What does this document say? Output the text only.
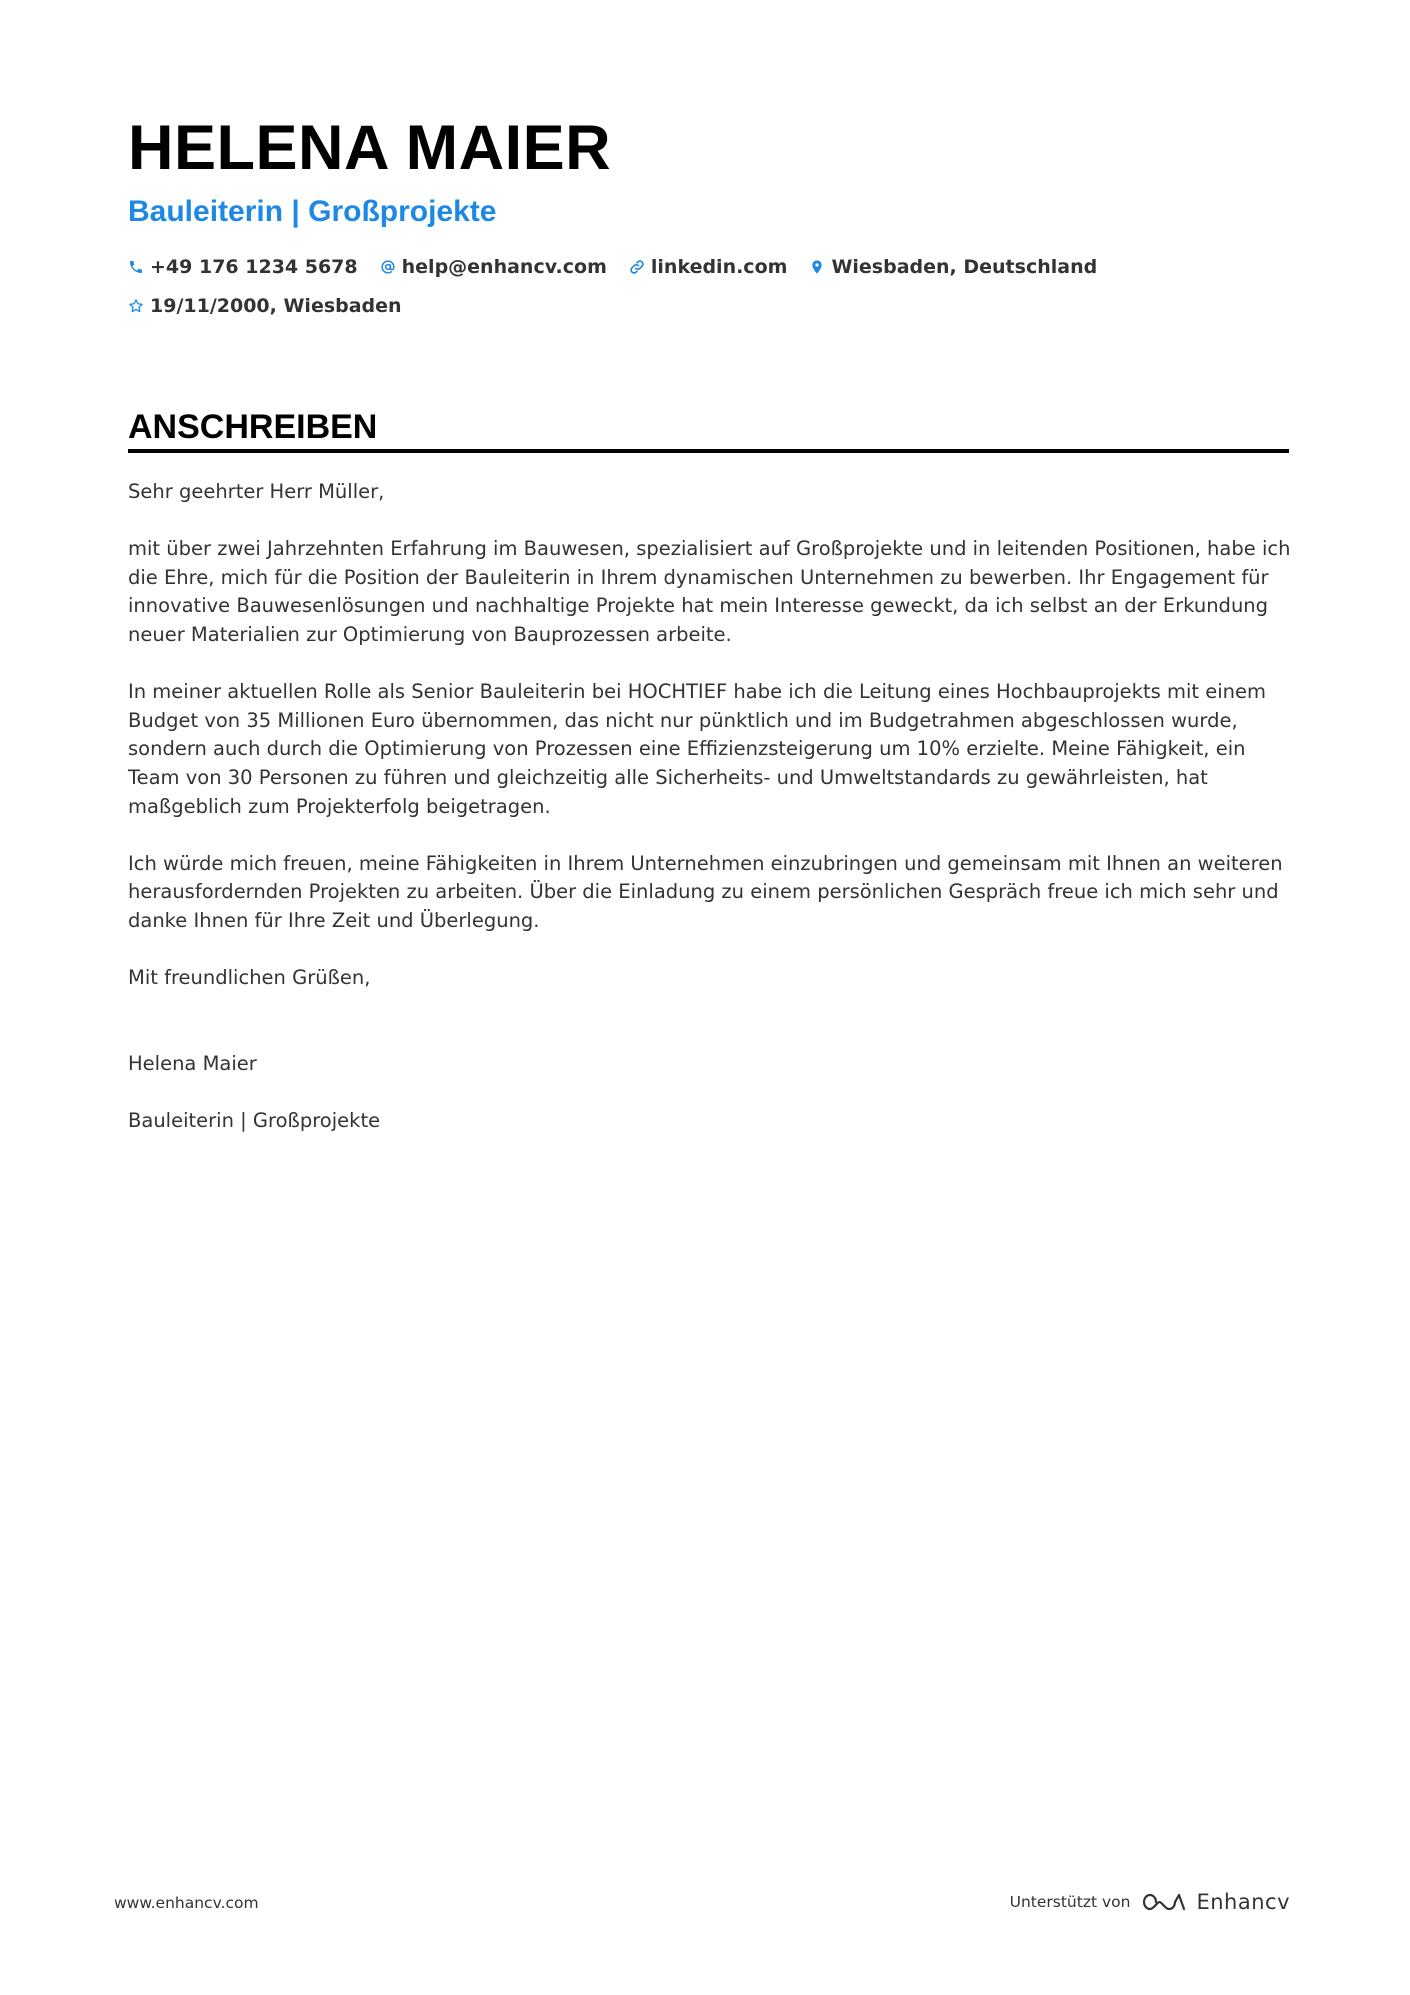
HELENA MAIER
Bauleiterin | Großprojekte
+49 176 1234 5678 help@enhancv.com linkedin.com Wiesbaden, Deutschland
19/11/2000, Wiesbaden
ANSCHREIBEN

Sehr geehrter Herr Müller,

mit über zwei Jahrzehnten Erfahrung im Bauwesen, spezialisiert auf Großprojekte und in leitenden Positionen, habe ich die Ehre, mich für die Position der Bauleiterin in Ihrem dynamischen Unternehmen zu bewerben. Ihr Engagement für innovative Bauwesenlösungen und nachhaltige Projekte hat mein Interesse geweckt, da ich selbst an der Erkundung neuer Materialien zur Optimierung von Bauprozessen arbeite.

In meiner aktuellen Rolle als Senior Bauleiterin bei HOCHTIEF habe ich die Leitung eines Hochbauprojekts mit einem Budget von 35 Millionen Euro übernommen, das nicht nur pünktlich und im Budgetrahmen abgeschlossen wurde, sondern auch durch die Optimierung von Prozessen eine Effizienzsteigerung um 10% erzielte. Meine Fähigkeit, ein Team von 30 Personen zu führen und gleichzeitig alle Sicherheits- und Umweltstandards zu gewährleisten, hat maßgeblich zum Projekterfolg beigetragen.

Ich würde mich freuen, meine Fähigkeiten in Ihrem Unternehmen einzubringen und gemeinsam mit Ihnen an weiteren herausfordernden Projekten zu arbeiten. Über die Einladung zu einem persönlichen Gespräch freue ich mich sehr und danke Ihnen für Ihre Zeit und Überlegung.

Mit freundlichen Grüßen,

Helena Maier

Bauleiterin | Großprojekte

www.enhancv.com	Unterstützt von	Enhancv
